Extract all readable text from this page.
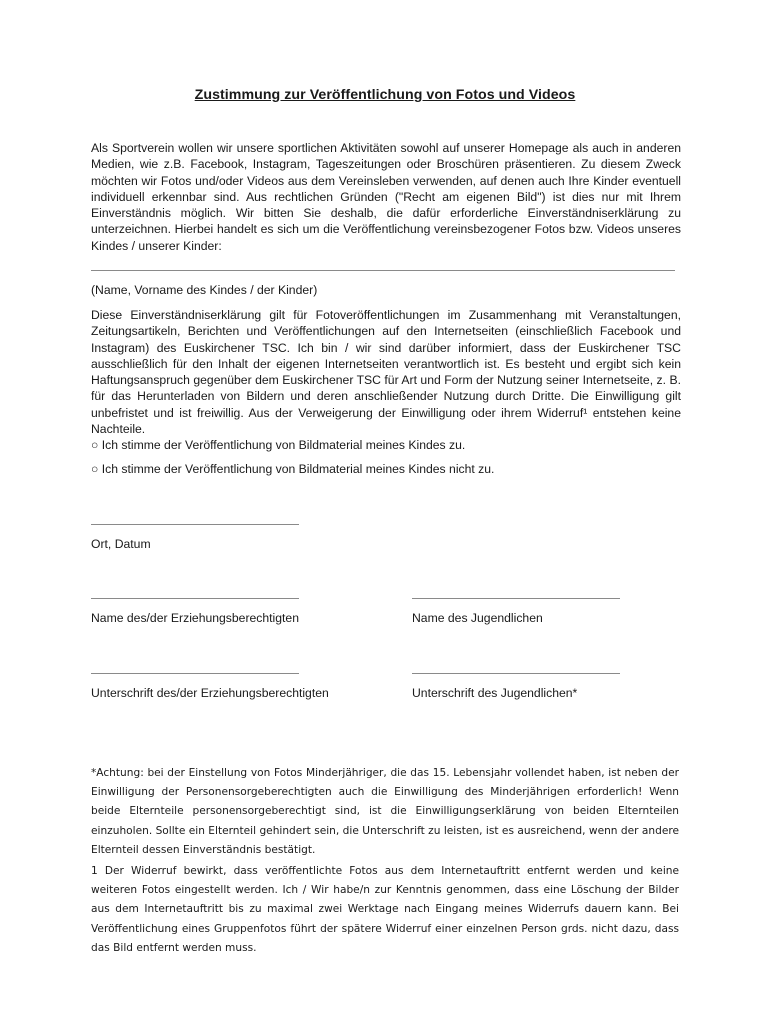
Zustimmung zur Veröffentlichung von Fotos und Videos

Als Sportverein wollen wir unsere sportlichen Aktivitäten sowohl auf unserer Homepage als auch in anderen Medien, wie z.B. Facebook, Instagram, Tageszeitungen oder Broschüren präsentieren. Zu diesem Zweck möchten wir Fotos und/oder Videos aus dem Vereinsleben verwenden, auf denen auch Ihre Kinder eventuell individuell erkennbar sind. Aus rechtlichen Gründen ("Recht am eigenen Bild") ist dies nur mit Ihrem Einverständnis möglich. Wir bitten Sie deshalb, die dafür erforderliche Einverständniserklärung zu unterzeichnen. Hierbei handelt es sich um die Veröffentlichung vereinsbezogener Fotos bzw. Videos unseres Kindes / unserer Kinder:

(Name, Vorname des Kindes / der Kinder)

Diese Einverständniserklärung gilt für Fotoveröffentlichungen im Zusammenhang mit Veranstaltungen, Zeitungsartikeln, Berichten und Veröffentlichungen auf den Internetseiten (einschließlich Facebook und Instagram) des Euskirchener TSC. Ich bin / wir sind darüber informiert, dass der Euskirchener TSC ausschließlich für den Inhalt der eigenen Internetseiten verantwortlich ist. Es besteht und ergibt sich kein Haftungsanspruch gegenüber dem Euskirchener TSC für Art und Form der Nutzung seiner Internetseite, z. B. für das Herunterladen von Bildern und deren anschließender Nutzung durch Dritte. Die Einwilligung gilt unbefristet und ist freiwillig. Aus der Verweigerung der Einwilligung oder ihrem Widerruf¹ entstehen keine Nachteile.

○ Ich stimme der Veröffentlichung von Bildmaterial meines Kindes zu.

○ Ich stimme der Veröffentlichung von Bildmaterial meines Kindes nicht zu.

Ort, Datum
Name des/der Erziehungsberechtigten	Name des Jugendlichen
Unterschrift des/der Erziehungsberechtigten	Unterschrift des Jugendlichen*

*Achtung: bei der Einstellung von Fotos Minderjähriger, die das 15. Lebensjahr vollendet haben, ist neben der Einwilligung der Personensorgeberechtigten auch die Einwilligung des Minderjährigen erforderlich! Wenn beide Elternteile personensorgeberechtigt sind, ist die Einwilligungserklärung von beiden Elternteilen einzuholen. Sollte ein Elternteil gehindert sein, die Unterschrift zu leisten, ist es ausreichend, wenn der andere Elternteil dessen Einverständnis bestätigt.

1 Der Widerruf bewirkt, dass veröffentlichte Fotos aus dem Internetauftritt entfernt werden und keine weiteren Fotos eingestellt werden. Ich / Wir habe/n zur Kenntnis genommen, dass eine Löschung der Bilder aus dem Internetauftritt bis zu maximal zwei Werktage nach Eingang meines Widerrufs dauern kann. Bei Veröffentlichung eines Gruppenfotos führt der spätere Widerruf einer einzelnen Person grds. nicht dazu, dass das Bild entfernt werden muss.
